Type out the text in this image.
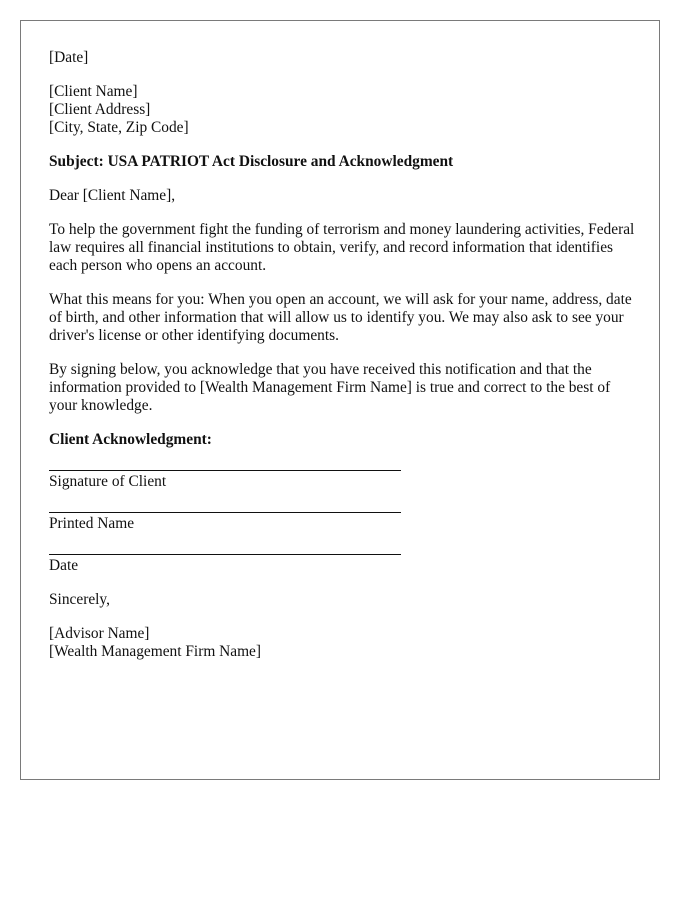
[Date]

[Client Name]

[Client Address]

[City, State, Zip Code]

Subject: USA PATRIOT Act Disclosure and Acknowledgment

Dear [Client Name],

To help the government fight the funding of terrorism and money laundering activities, Federal law requires all financial institutions to obtain, verify, and record information that identifies each person who opens an account.

What this means for you: When you open an account, we will ask for your name, address, date of birth, and other information that will allow us to identify you. We may also ask to see your driver's license or other identifying documents.

By signing below, you acknowledge that you have received this notification and that the information provided to [Wealth Management Firm Name] is true and correct to the best of your knowledge.

Client Acknowledgment:

Signature of Client

Printed Name

Date

Sincerely,

[Advisor Name]

[Wealth Management Firm Name]
